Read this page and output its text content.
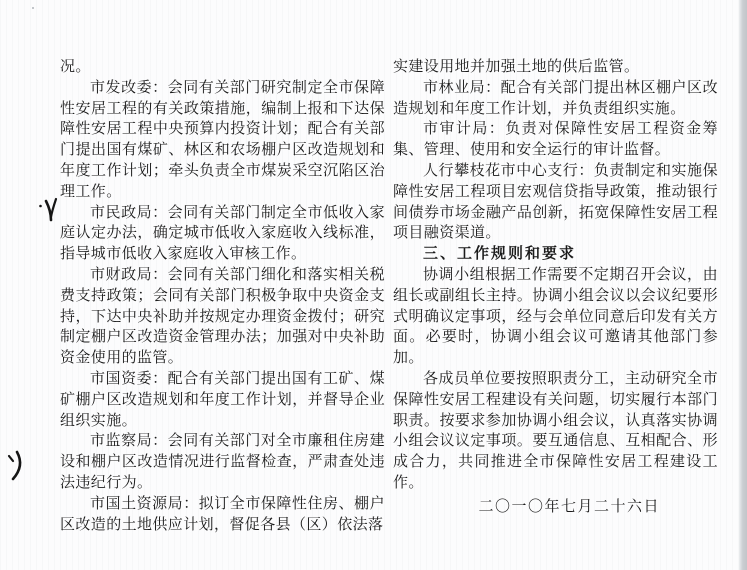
况。

市发改委：会同有关部门研究制定全市保障性安居工程的有关政策措施，编制上报和下达保障性安居工程中央预算内投资计划；配合有关部门提出国有煤矿、林区和农场棚户区改造规划和年度工作计划；牵头负责全市煤炭采空沉陷区治理工作。

市民政局：会同有关部门制定全市低收入家庭认定办法，确定城市低收入家庭收入线标准，指导城市低收入家庭收入审核工作。

市财政局：会同有关部门细化和落实相关税费支持政策；会同有关部门积极争取中央资金支持，下达中央补助并按规定办理资金拨付；研究制定棚户区改造资金管理办法；加强对中央补助资金使用的监管。

市国资委：配合有关部门提出国有工矿、煤矿棚户区改造规划和年度工作计划，并督导企业组织实施。

市监察局：会同有关部门对全市廉租住房建设和棚户区改造情况进行监督检查，严肃查处违法违纪行为。

市国土资源局：拟订全市保障性住房、棚户区改造的土地供应计划，督促各县（区）依法落

实建设用地并加强土地的供后监管。

市林业局：配合有关部门提出林区棚户区改造规划和年度工作计划，并负责组织实施。

市审计局：负责对保障性安居工程资金筹集、管理、使用和安全运行的审计监督。

人行攀枝花市中心支行：负责制定和实施保障性安居工程项目宏观信贷指导政策，推动银行间债券市场金融产品创新，拓宽保障性安居工程项目融资渠道。

三、工作规则和要求

协调小组根据工作需要不定期召开会议，由组长或副组长主持。协调小组会议以会议纪要形式明确议定事项，经与会单位同意后印发有关方面。必要时，协调小组会议可邀请其他部门参加。

各成员单位要按照职责分工，主动研究全市保障性安居工程建设有关问题，切实履行本部门职责。按要求参加协调小组会议，认真落实协调小组会议议定事项。要互通信息、互相配合、形成合力，共同推进全市保障性安居工程建设工作。

二〇一〇年七月二十六日
